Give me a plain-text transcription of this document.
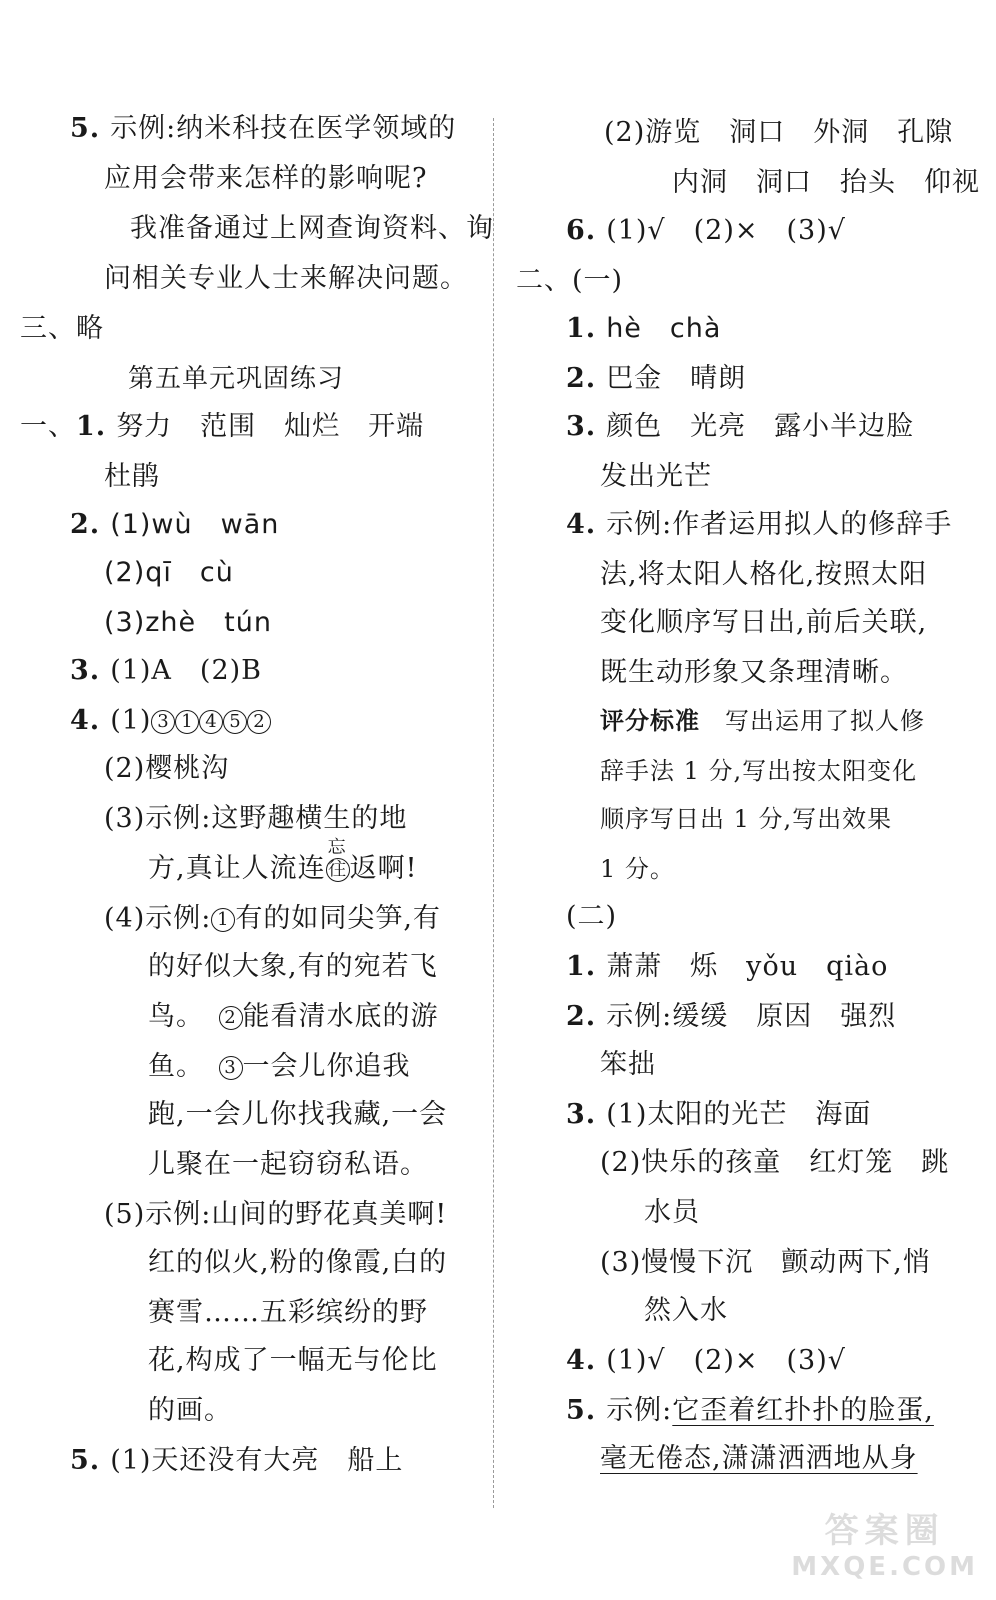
5. 示例:纳米科技在医学领域的
应用会带来怎样的影响呢?
我准备通过上网查询资料、询
问相关专业人士来解决问题。
三、略
第五单元巩固练习
一、1. 努力　范围　灿烂　开端
杜鹃
2. (1)wù　wān
(2)qī　cù
(3)zhè　tún
3. (1)A　(2)B
4. (1) 3 1 4 5 2
(2)樱桃沟
(3)示例:这野趣横生的地
方,真让人流连 往
忘
返啊!
(4)示例: 1 有的如同尖笋,有
的好似大象,有的宛若飞
鸟。　2 能看清水底的游
鱼。　3 一会儿你追我
跑,一会儿你找我藏,一会
儿聚在一起窃窃私语。
(5)示例:山间的野花真美啊!
红的似火,粉的像霞,白的
赛雪……五彩缤纷的野
花,构成了一幅无与伦比
的画。
5. (1)天还没有大亮　船上
(2)游览　洞口　外洞　孔隙
内洞　洞口　抬头　仰视
6. (1)√　(2)×　(3)√
二、(一)
1. hè　chà
2. 巴金　晴朗
3. 颜色　光亮　露小半边脸
发出光芒
4. 示例:作者运用拟人的修辞手
法,将太阳人格化,按照太阳
变化顺序写日出,前后关联,
既生动形象又条理清晰。
评分标准　写出运用了拟人修
辞手法 1 分,写出按太阳变化
顺序写日出 1 分,写出效果
1 分。
(二)
1. 萧萧　烁　yǒu　qiào
2. 示例:缓缓　原因　强烈
笨拙
3. (1)太阳的光芒　海面
(2)快乐的孩童　红灯笼　跳
水员
(3)慢慢下沉　颤动两下,悄
然入水
4. (1)√　(2)×　(3)√
5. 示例:它歪着红扑扑的脸蛋,
毫无倦态,潇潇洒洒地从身
答案圈
MXQE.COM
